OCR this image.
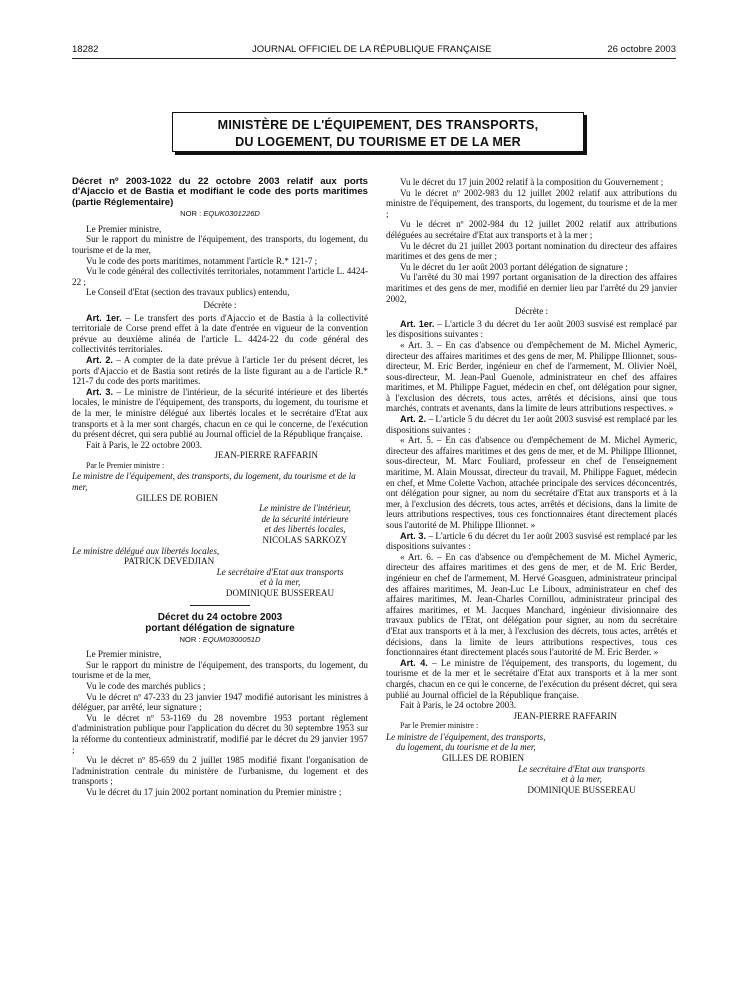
18282	JOURNAL OFFICIEL DE LA RÉPUBLIQUE FRANÇAISE	26 octobre 2003
MINISTÈRE DE L'ÉQUIPEMENT, DES TRANSPORTS,
DU LOGEMENT, DU TOURISME ET DE LA MER

Décret nº 2003-1022 du 22 octobre 2003 relatif aux ports d'Ajaccio et de Bastia et modifiant le code des ports maritimes (partie Réglementaire)

NOR : EQUK0301226D

Le Premier ministre,

Sur le rapport du ministre de l'équipement, des transports, du logement, du tourisme et de la mer,

Vu le code des ports maritimes, notamment l'article R.* 121-7 ;

Vu le code général des collectivités territoriales, notamment l'article L. 4424-22 ;

Le Conseil d'Etat (section des travaux publics) entendu,

Décrète :

Art. 1er. – Le transfert des ports d'Ajaccio et de Bastia à la collectivité territoriale de Corse prend effet à la date d'entrée en vigueur de la convention prévue au deuxième alinéa de l'article L. 4424-22 du code général des collectivités territoriales.

Art. 2. – A compter de la date prévue à l'article 1er du présent décret, les ports d'Ajaccio et de Bastia sont retirés de la liste figurant au a de l'article R.* 121-7 du code des ports maritimes.

Art. 3. – Le ministre de l'intérieur, de la sécurité intérieure et des libertés locales, le ministre de l'équipement, des transports, du logement, du tourisme et de la mer, le ministre délégué aux libertés locales et le secrétaire d'Etat aux transports et à la mer sont chargés, chacun en ce qui le concerne, de l'exécution du présent décret, qui sera publié au Journal officiel de la République française.

Fait à Paris, le 22 octobre 2003.

JEAN-PIERRE RAFFARIN

Par le Premier ministre :

Le ministre de l'équipement, des transports, du logement, du tourisme et de la mer,

GILLES DE ROBIEN

Le ministre de l'intérieur,
de la sécurité intérieure
et des libertés locales,
NICOLAS SARKOZY

Le ministre délégué aux libertés locales,

PATRICK DEVEDJIAN

Le secrétaire d'Etat aux transports
et à la mer,
DOMINIQUE BUSSEREAU

Décret du 24 octobre 2003

portant délégation de signature

NOR : EQUM0300051D

Le Premier ministre,

Sur le rapport du ministre de l'équipement, des transports, du logement, du tourisme et de la mer,

Vu le code des marchés publics ;

Vu le décret nº 47-233 du 23 janvier 1947 modifié autorisant les ministres à déléguer, par arrêté, leur signature ;

Vu le décret nº 53-1169 du 28 novembre 1953 portant règlement d'administration publique pour l'application du décret du 30 septembre 1953 sur la réforme du contentieux administratif, modifié par le décret du 29 janvier 1957 ;

Vu le décret nº 85-659 du 2 juillet 1985 modifié fixant l'organisation de l'administration centrale du ministère de l'urbanisme, du logement et des transports ;

Vu le décret du 17 juin 2002 portant nomination du Premier ministre ;

Vu le décret du 17 juin 2002 relatif à la composition du Gouvernement ;

Vu le décret nº 2002-983 du 12 juillet 2002 relatif aux attributions du ministre de l'équipement, des transports, du logement, du tourisme et de la mer ;

Vu le décret nº 2002-984 du 12 juillet 2002 relatif aux attributions déléguées au secrétaire d'Etat aux transports et à la mer ;

Vu le décret du 21 juillet 2003 portant nomination du directeur des affaires maritimes et des gens de mer ;

Vu le décret du 1er août 2003 portant délégation de signature ;

Vu l'arrêté du 30 mai 1997 portant organisation de la direction des affaires maritimes et des gens de mer, modifié en dernier lieu par l'arrêté du 29 janvier 2002,

Décrète :

Art. 1er. – L'article 3 du décret du 1er août 2003 susvisé est remplacé par les dispositions suivantes :

« Art. 3. – En cas d'absence ou d'empêchement de M. Michel Aymeric, directeur des affaires maritimes et des gens de mer, M. Philippe Illionnet, sous-directeur, M. Eric Berder, ingénieur en chef de l'armement, M. Olivier Noël, sous-directeur, M. Jean-Paul Guenole, administrateur en chef des affaires maritimes, et M. Philippe Faguet, médecin en chef, ont délégation pour signer, à l'exclusion des décrets, tous actes, arrêtés et décisions, ainsi que tous marchés, contrats et avenants, dans la limite de leurs attributions respectives. »

Art. 2. – L'article 5 du décret du 1er août 2003 susvisé est remplacé par les dispositions suivantes :

« Art. 5. – En cas d'absence ou d'empêchement de M. Michel Aymeric, directeur des affaires maritimes et des gens de mer, et de M. Philippe Illionnet, sous-directeur, M. Marc Fouliard, professeur en chef de l'enseignement maritime, M. Alain Moussat, directeur du travail, M. Philippe Faguet, médecin en chef, et Mme Colette Vachon, attachée principale des services déconcentrés, ont délégation pour signer, au nom du secrétaire d'Etat aux transports et à la mer, à l'exclusion des décrets, tous actes, arrêtés et décisions, dans la limite de leurs attributions respectives, tous ces fonctionnaires étant directement placés sous l'autorité de M. Philippe Illionnet. »

Art. 3. – L'article 6 du décret du 1er août 2003 susvisé est remplacé par les dispositions suivantes :

« Art. 6. – En cas d'absence ou d'empêchement de M. Michel Aymeric, directeur des affaires maritimes et des gens de mer, et de M. Eric Berder, ingénieur en chef de l'armement, M. Hervé Goasguen, administrateur principal des affaires maritimes, M. Jean-Luc Le Liboux, administrateur en chef des affaires maritimes, M. Jean-Charles Cornillou, administrateur principal des affaires maritimes, et M. Jacques Manchard, ingénieur divisionnaire des travaux publics de l'Etat, ont délégation pour signer, au nom du secrétaire d'Etat aux transports et à la mer, à l'exclusion des décrets, tous actes, arrêtés et décisions, dans la limite de leurs attributions respectives, tous ces fonctionnaires étant directement placés sous l'autorité de M. Eric Berder. »

Art. 4. – Le ministre de l'équipement, des transports, du logement, du tourisme et de la mer et le secrétaire d'Etat aux transports et à la mer sont chargés, chacun en ce qui le concerne, de l'exécution du présent décret, qui sera publié au Journal officiel de la République française.

Fait à Paris, le 24 octobre 2003.

JEAN-PIERRE RAFFARIN

Par le Premier ministre :

Le ministre de l'équipement, des transports,

du logement, du tourisme et de la mer,

GILLES DE ROBIEN

Le secrétaire d'Etat aux transports
et à la mer,
DOMINIQUE BUSSEREAU
